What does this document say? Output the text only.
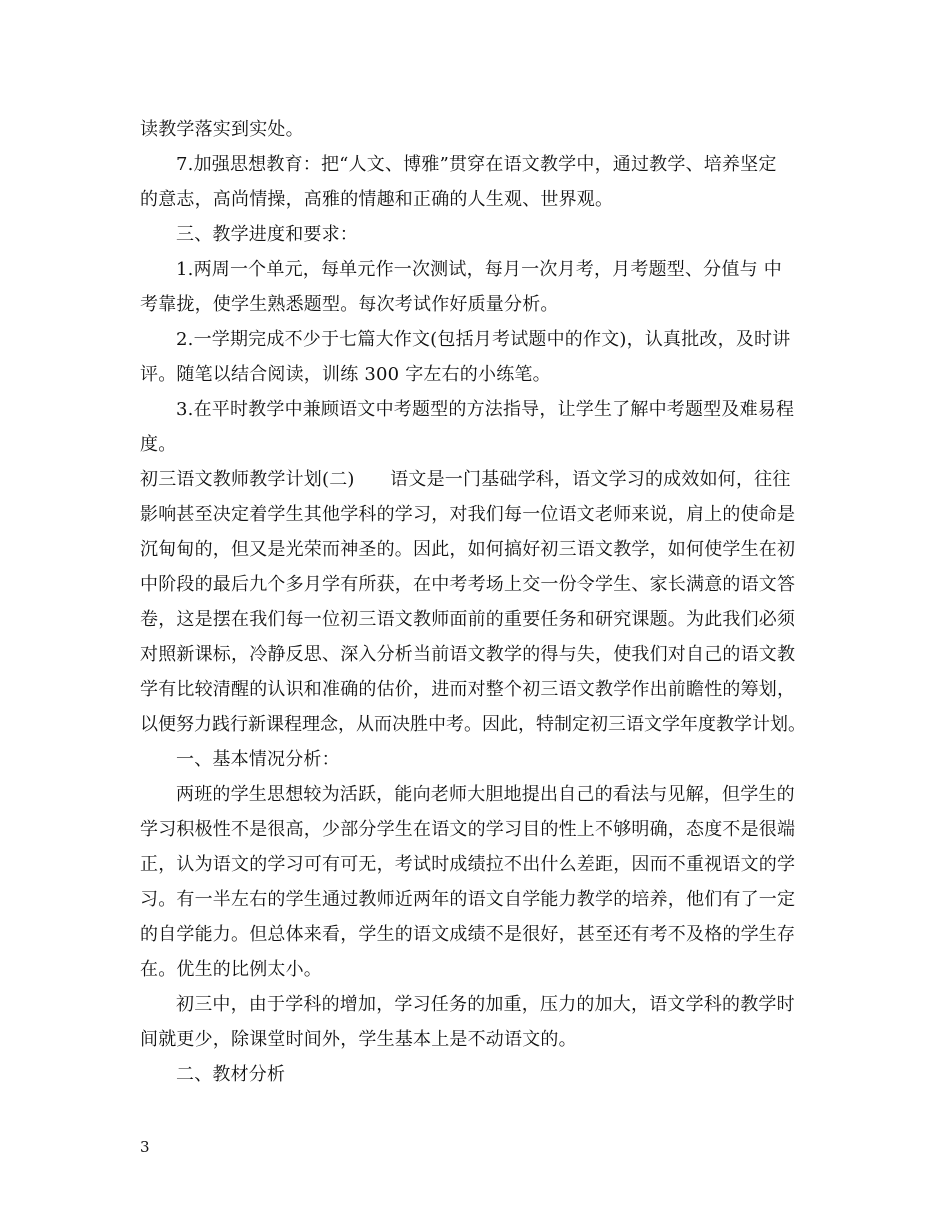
读教学落实到实处。
7.加强思想教育：把“人文、博雅”贯穿在语文教学中，通过教学、培养坚定
的意志，高尚情操，高雅的情趣和正确的人生观、世界观。
三、教学进度和要求：
1.两周一个单元，每单元作一次测试，每月一次月考，月考题型、分值与 中
考靠拢，使学生熟悉题型。每次考试作好质量分析。
2.一学期完成不少于七篇大作文(包括月考试题中的作文)，认真批改，及时讲
评。随笔以结合阅读，训练 300 字左右的小练笔。
3.在平时教学中兼顾语文中考题型的方法指导，让学生了解中考题型及难易程
度。
初三语文教师教学计划(二)      语文是一门基础学科，语文学习的成效如何，往往
影响甚至决定着学生其他学科的学习，对我们每一位语文老师来说，肩上的使命是
沉甸甸的，但又是光荣而神圣的。因此，如何搞好初三语文教学，如何使学生在初
中阶段的最后九个多月学有所获，在中考考场上交一份令学生、家长满意的语文答
卷，这是摆在我们每一位初三语文教师面前的重要任务和研究课题。为此我们必须
对照新课标，冷静反思、深入分析当前语文教学的得与失，使我们对自己的语文教
学有比较清醒的认识和准确的估价，进而对整个初三语文教学作出前瞻性的筹划，
以便努力践行新课程理念，从而决胜中考。因此，特制定初三语文学年度教学计划。
一、基本情况分析：
两班的学生思想较为活跃，能向老师大胆地提出自己的看法与见解，但学生的
学习积极性不是很高，少部分学生在语文的学习目的性上不够明确，态度不是很端
正，认为语文的学习可有可无，考试时成绩拉不出什么差距，因而不重视语文的学
习。有一半左右的学生通过教师近两年的语文自学能力教学的培养，他们有了一定
的自学能力。但总体来看，学生的语文成绩不是很好，甚至还有考不及格的学生存
在。优生的比例太小。
初三中，由于学科的增加，学习任务的加重，压力的加大，语文学科的教学时
间就更少，除课堂时间外，学生基本上是不动语文的。
二、教材分析
3
